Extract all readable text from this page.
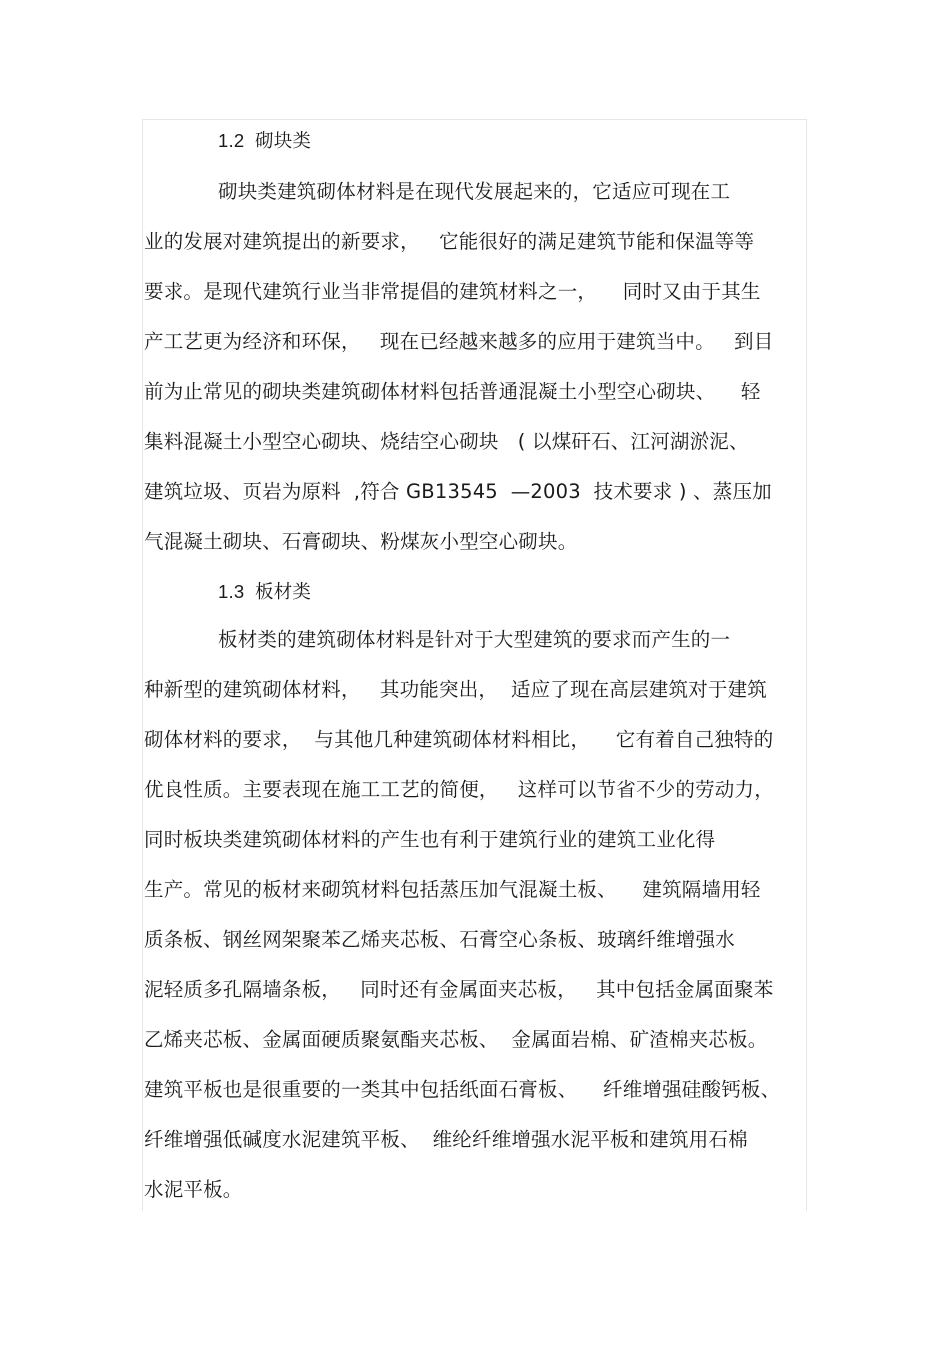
1.2  砌块类

砌块类建筑砌体材料是在现代发展起来的，它适应可现在工

业的发展对建筑提出的新要求，   它能很好的满足建筑节能和保温等等

要求。是现代建筑行业当非常提倡的建筑材料之一，    同时又由于其生

产工艺更为经济和环保，   现在已经越来越多的应用于建筑当中。   到目

前为止常见的砌块类建筑砌体材料包括普通混凝土小型空心砌块、    轻

集料混凝土小型空心砌块、烧结空心砌块   ( 以煤矸石、江河湖淤泥、

建筑垃圾、页岩为原料  ,符合 GB13545  —2003  技术要求 ) 、蒸压加

气混凝土砌块、石膏砌块、粉煤灰小型空心砌块。

1.3  板材类

板材类的建筑砌体材料是针对于大型建筑的要求而产生的一

种新型的建筑砌体材料，   其功能突出，  适应了现在高层建筑对于建筑

砌体材料的要求，  与其他几种建筑砌体材料相比，    它有着自己独特的

优良性质。主要表现在施工工艺的简便，   这样可以节省不少的劳动力，

同时板块类建筑砌体材料的产生也有利于建筑行业的建筑工业化得

生产。常见的板材来砌筑材料包括蒸压加气混凝土板、    建筑隔墙用轻

质条板、钢丝网架聚苯乙烯夹芯板、石膏空心条板、玻璃纤维增强水

泥轻质多孔隔墙条板，   同时还有金属面夹芯板，   其中包括金属面聚苯

乙烯夹芯板、金属面硬质聚氨酯夹芯板、  金属面岩棉、矿渣棉夹芯板。

建筑平板也是很重要的一类其中包括纸面石膏板、    纤维增强硅酸钙板、

纤维增强低碱度水泥建筑平板、  维纶纤维增强水泥平板和建筑用石棉

水泥平板。
